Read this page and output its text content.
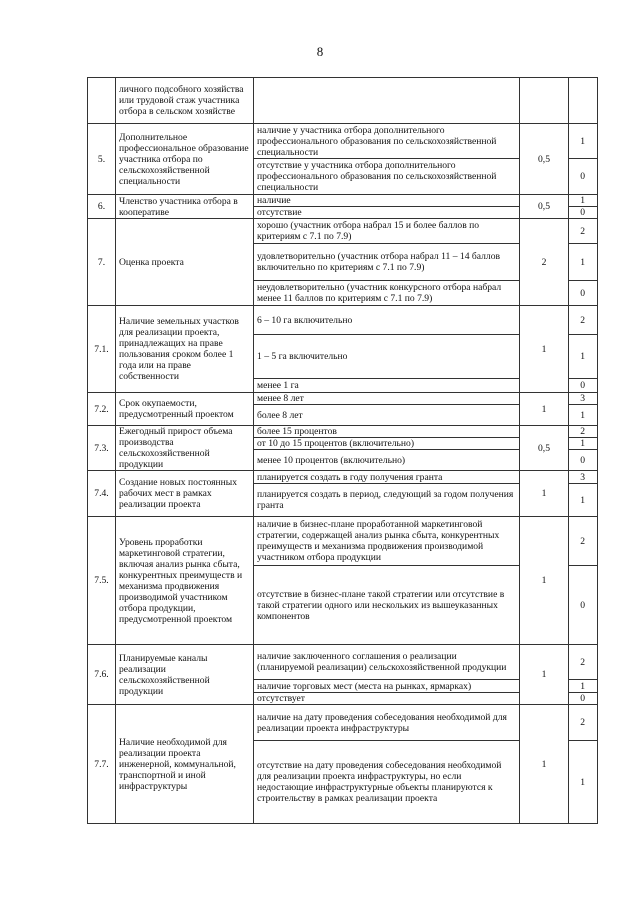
8
	личного подсобного хозяйства или трудовой стаж участника отбора в сельском хозяйстве			
5.	Дополнительное профессиональное образование участника отбора по сельскохозяйственной специальности	наличие у участника отбора дополнительного профессионального образования по сельскохозяйственной специальности	0,5	1
		отсутствие у участника отбора дополнительного профессионального образования по сельскохозяйственной специальности		0
6.	Членство участника отбора в кооперативе	наличие	0,5	1
		отсутствие		0
7.	Оценка проекта	хорошо (участник отбора набрал 15 и более баллов по критериям с 7.1 по 7.9)	2	2
		удовлетворительно (участник отбора набрал 11 – 14 баллов включительно по критериям с 7.1 по 7.9)		1
		неудовлетворительно (участник конкурсного отбора набрал менее 11 баллов по критериям с 7.1 по 7.9)		0
7.1.	Наличие земельных участков для реализации проекта, принадлежащих на праве пользования сроком более 1 года или на праве собственности	6 – 10 га включительно	1	2
		1 – 5 га включительно		1
		менее 1 га		0
7.2.	Срок окупаемости, предусмотренный проектом	менее 8 лет	1	3
		более 8 лет		1
7.3.	Ежегодный прирост объема производства сельскохозяйственной продукции	более 15 процентов	0,5	2
		от 10 до 15 процентов (включительно)		1
		менее 10 процентов (включительно)		0
7.4.	Создание новых постоянных рабочих мест в рамках реализации проекта	планируется создать в году получения гранта	1	3
		планируется создать в период, следующий за годом получения гранта		1
7.5.	Уровень проработки маркетинговой стратегии, включая анализ рынка сбыта, конкурентных преимуществ и механизма продвижения производимой участником отбора продукции, предусмотренной проектом	наличие в бизнес-плане проработанной маркетинговой стратегии, содержащей анализ рынка сбыта, конкурентных преимуществ и механизма продвижения производимой участником отбора продукции	1	2
		отсутствие в бизнес-плане такой стратегии или отсутствие в такой стратегии одного или нескольких из вышеуказанных компонентов		0
7.6.	Планируемые каналы реализации сельскохозяйственной продукции	наличие заключенного соглашения о реализации (планируемой реализации) сельскохозяйственной продукции	1	2
		наличие торговых мест (места на рынках, ярмарках)		1
		отсутствует		0
7.7.	Наличие необходимой для реализации проекта инженерной, коммунальной, транспортной и иной инфраструктуры	наличие на дату проведения собеседования необходимой для реализации проекта инфраструктуры	1	2
		отсутствие на дату проведения собеседования необходимой для реализации проекта инфраструктуры, но если недостающие инфраструктурные объекты планируются к строительству в рамках реализации проекта		1
